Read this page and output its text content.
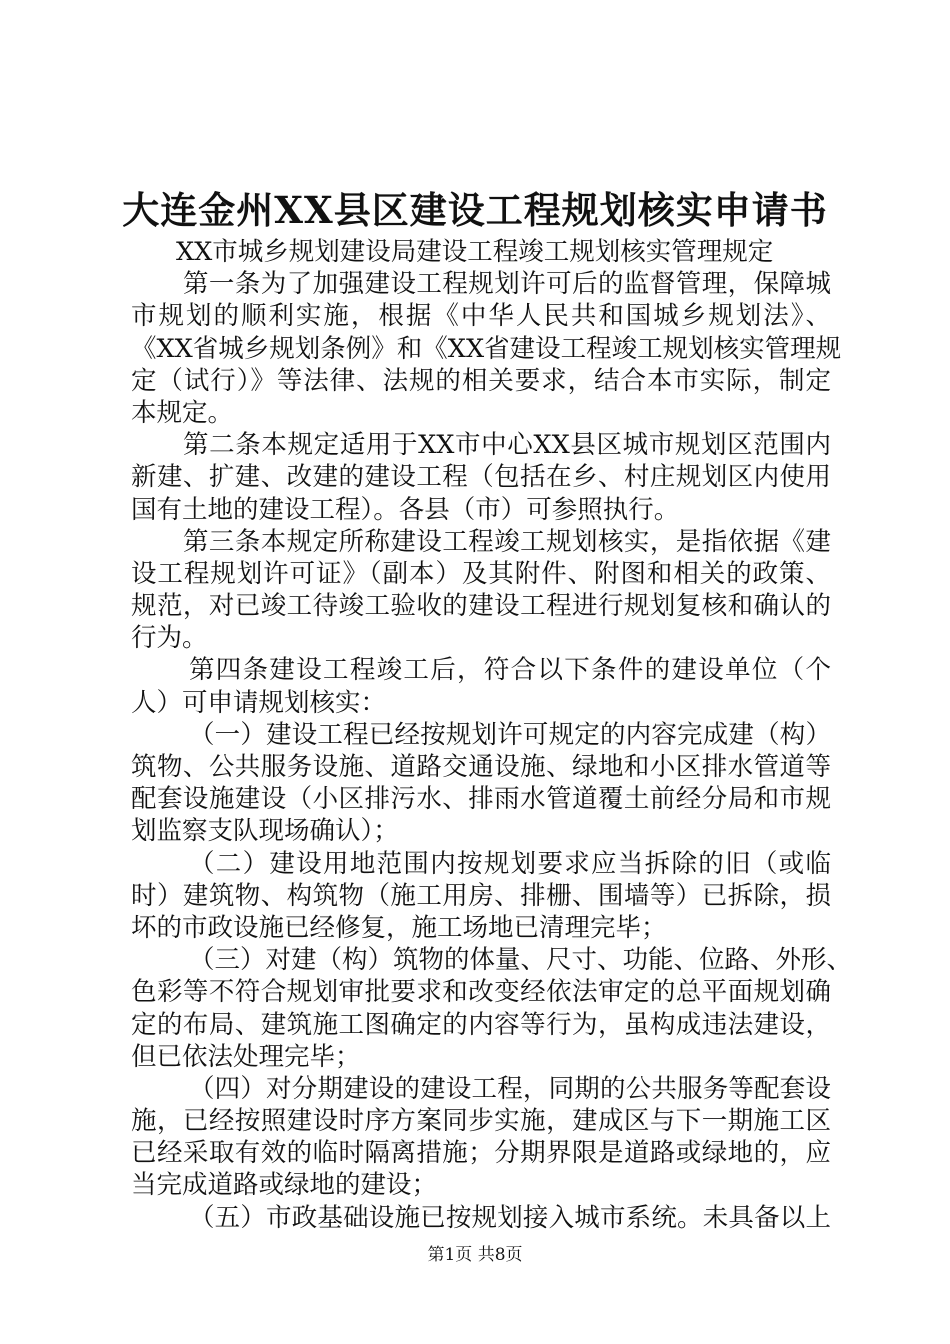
大连金州XX县区建设工程规划核实申请书
XX市城乡规划建设局建设工程竣工规划核实管理规定
第一条为了加强建设工程规划许可后的监督管理，保障城
市规划的顺利实施，根据《中华人民共和国城乡规划法》、
《XX省城乡规划条例》和《XX省建设工程竣工规划核实管理规
定（试行）》等法律、法规的相关要求，结合本市实际，制定
本规定。
第二条本规定适用于XX市中心XX县区城市规划区范围内
新建、扩建、改建的建设工程（包括在乡、村庄规划区内使用
国有土地的建设工程）。各县（市）可参照执行。
第三条本规定所称建设工程竣工规划核实，是指依据《建
设工程规划许可证》（副本）及其附件、附图和相关的政策、
规范，对已竣工待竣工验收的建设工程进行规划复核和确认的
行为。
第四条建设工程竣工后，符合以下条件的建设单位（个
人）可申请规划核实：
（一）建设工程已经按规划许可规定的内容完成建（构）
筑物、公共服务设施、道路交通设施、绿地和小区排水管道等
配套设施建设（小区排污水、排雨水管道覆土前经分局和市规
划监察支队现场确认）；
（二）建设用地范围内按规划要求应当拆除的旧（或临
时）建筑物、构筑物（施工用房、排栅、围墙等）已拆除，损
坏的市政设施已经修复，施工场地已清理完毕；
（三）对建（构）筑物的体量、尺寸、功能、位路、外形、
色彩等不符合规划审批要求和改变经依法审定的总平面规划确
定的布局、建筑施工图确定的内容等行为，虽构成违法建设，
但已依法处理完毕；
（四）对分期建设的建设工程，同期的公共服务等配套设
施，已经按照建设时序方案同步实施，建成区与下一期施工区
已经采取有效的临时隔离措施；分期界限是道路或绿地的，应
当完成道路或绿地的建设；
（五）市政基础设施已按规划接入城市系统。未具备以上
第1页 共8页
